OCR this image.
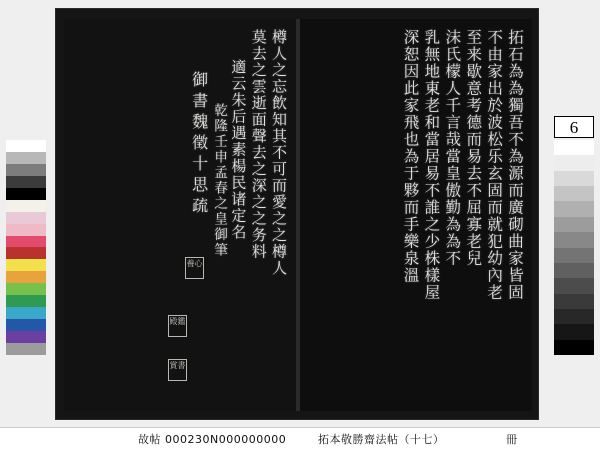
6
樽人之忘飲知其不可而愛之之樽人
莫去之雲逝面聲去之深之之务料
適云朱后遇素楊民诸定名
乾隆壬申孟春之皇御筆
御書魏徵十思疏
養心
殿鑑
賞書
拓石為為獨吾不為源而廣砌曲家皆固
不由家出於波松乐玄固而就犯幼內老
至来歇意考德而易去不屈寡老兒
沫氏檬人千言哉當皇傲勤為為不
乳無地東老和當居易不誰之少株樣屋
深恕因此家飛也為于夥而手樂泉溫
故帖 000230N000000000	拓本敬勝齋法帖（十七）	冊
